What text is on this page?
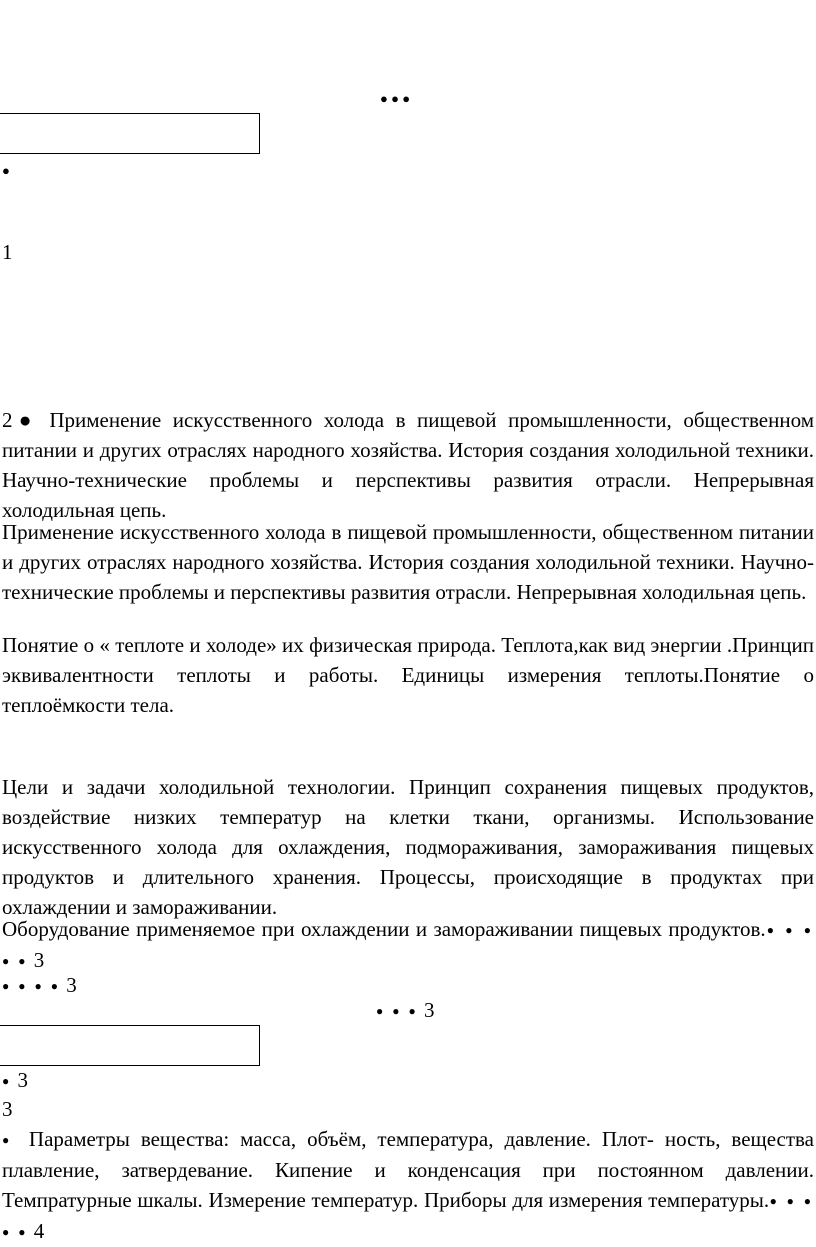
● ● ●
●
1

2● Применение искусственного холода в пищевой промышленности, общественном питании и других отраслях народного хозяйства. История создания холодильной техники. Научно-технические проблемы и перспективы развития отрасли. Непрерывная холодильная цепь.

Применение искусственного холода в пищевой промышленности, общественном питании и других отраслях народного хозяйства. История создания холодильной техники. Научно-технические проблемы и перспективы развития отрасли. Непрерывная холодильная цепь.

Понятие о « теплоте и холоде» их физическая природа. Теплота,как вид энергии .Принцип эквивалентности теплоты и работы. Единицы измерения теплоты.Понятие о теплоёмкости тела.

Цели и задачи холодильной технологии. Принцип сохранения пищевых продуктов, воздействие низких температур на клетки ткани, организмы. Использование искусственного холода для охлаждения, подмораживания, замораживания пищевых продуктов и длительного хранения. Процессы, происходящие в продуктах при охлаждении и замораживании.

Оборудование применяемое при охлаждении и замораживании пищевых продуктов.● ● ● ● ● 3

● ● ● ● 3
● ● ● 3
● 3
3

● Параметры вещества: масса, объём, температура, давление. Плот- ность, вещества плавление, затвердевание. Кипение и конденсация при постоянном давлении. Темпратурные шкалы. Измерение температур. Приборы для измерения температуры.● ● ● ● ● 4
